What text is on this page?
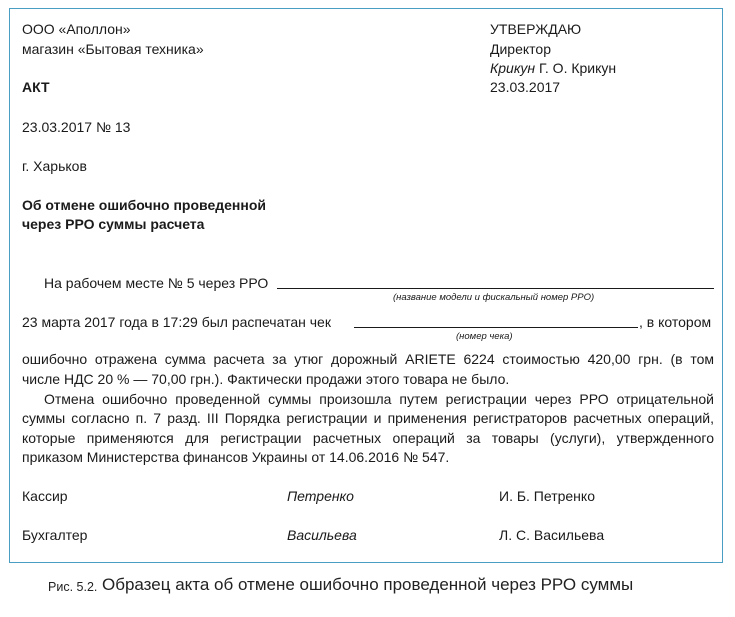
ООО «Аполлон»
магазин «Бытовая техника»
АКТ
23.03.2017 № 13
г. Харьков
УТВЕРЖДАЮ
Директор
Крикун Г. О. Крикун
23.03.2017
Об отмене ошибочно проведенной
через РРО суммы расчета
На рабочем месте № 5 через РРО
(название модели и фискальный номер РРО)
23 марта 2017 года в 17:29 был распечатан чек	, в котором
(номер чека)
ошибочно отражена сумма расчета за утюг дорожный ARIETE 6224 стоимостью 420,00 грн. (в том
числе НДС 20 % — 70,00 грн.). Фактически продажи этого товара не было.
Отмена ошибочно проведенной суммы произошла путем регистрации через РРО отрицательной
суммы согласно п. 7 разд. III Порядка регистрации и применения регистраторов расчетных операций,
которые применяются для регистрации расчетных операций за товары (услуги), утвержденного
приказом Министерства финансов Украины от 14.06.2016 № 547.
Кассир	Петренко	И. Б. Петренко
Бухгалтер	Васильева	Л. С. Васильева
Рис. 5.2. Образец акта об отмене ошибочно проведенной через РРО суммы
